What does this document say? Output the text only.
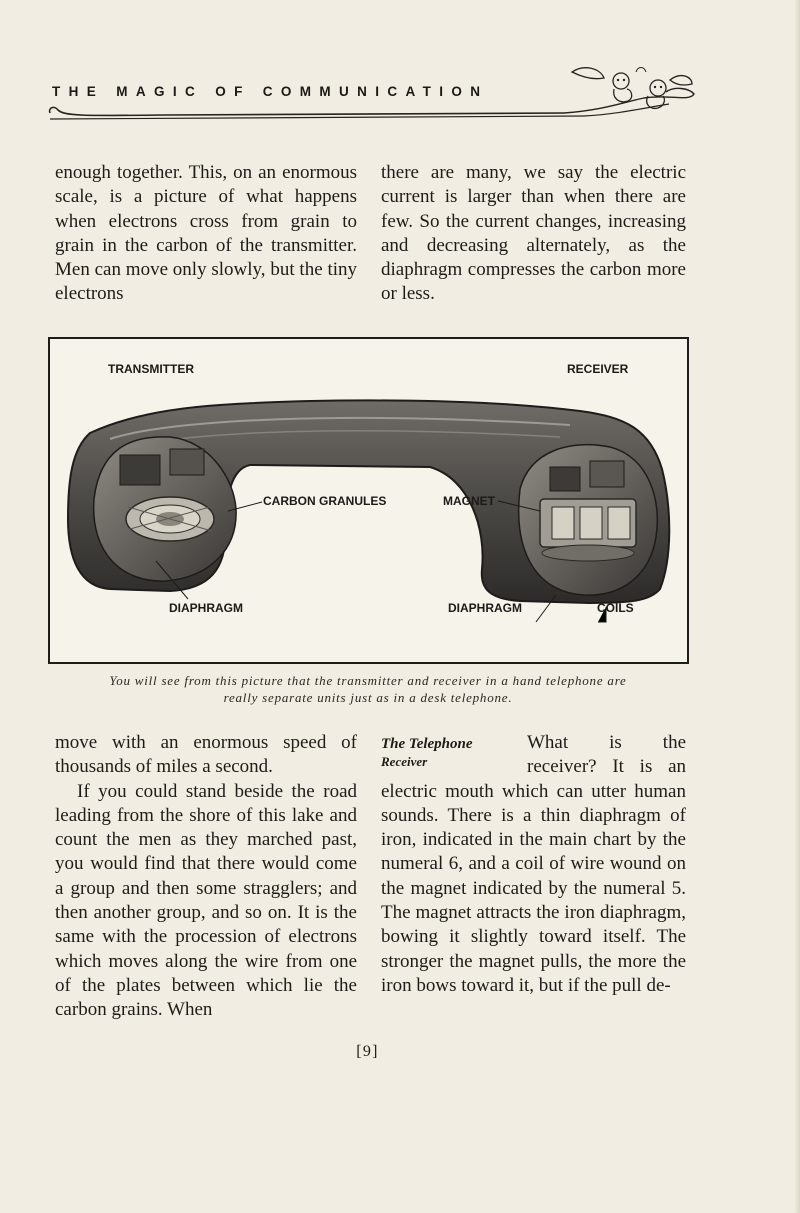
THE MAGIC OF COMMUNICATION

enough together. This, on an enormous scale, is a picture of what happens when electrons cross from grain to grain in the carbon of the transmitter. Men can move only slowly, but the tiny electrons

there are many, we say the electric current is larger than when there are few. So the current changes, increasing and decreasing alternately, as the diaphragm compresses the carbon more or less.

TRANSMITTER	RECEIVER
CARBON GRANULES	MAGNET
DIAPHRAGM	DIAPHRAGM	COILS
You will see from this picture that the transmitter and receiver in a hand telephone are
really separate units just as in a desk telephone.

move with an enormous speed of thousands of miles a second.

If you could stand beside the road leading from the shore of this lake and count the men as they marched past, you would find that there would come a group and then some stragglers; and then another group, and so on. It is the same with the procession of electrons which moves along the wire from one of the plates between which lie the carbon grains. When

The Telephone
Receiver
What is the receiver? It is an electric mouth which can utter human sounds. There is a thin diaphragm of iron, indicated in the main chart by the numeral 6, and a coil of wire wound on the magnet indicated by the numeral 5. The magnet attracts the iron diaphragm, bowing it slightly toward itself. The stronger the magnet pulls, the more the iron bows toward it, but if the pull de-
[9]
